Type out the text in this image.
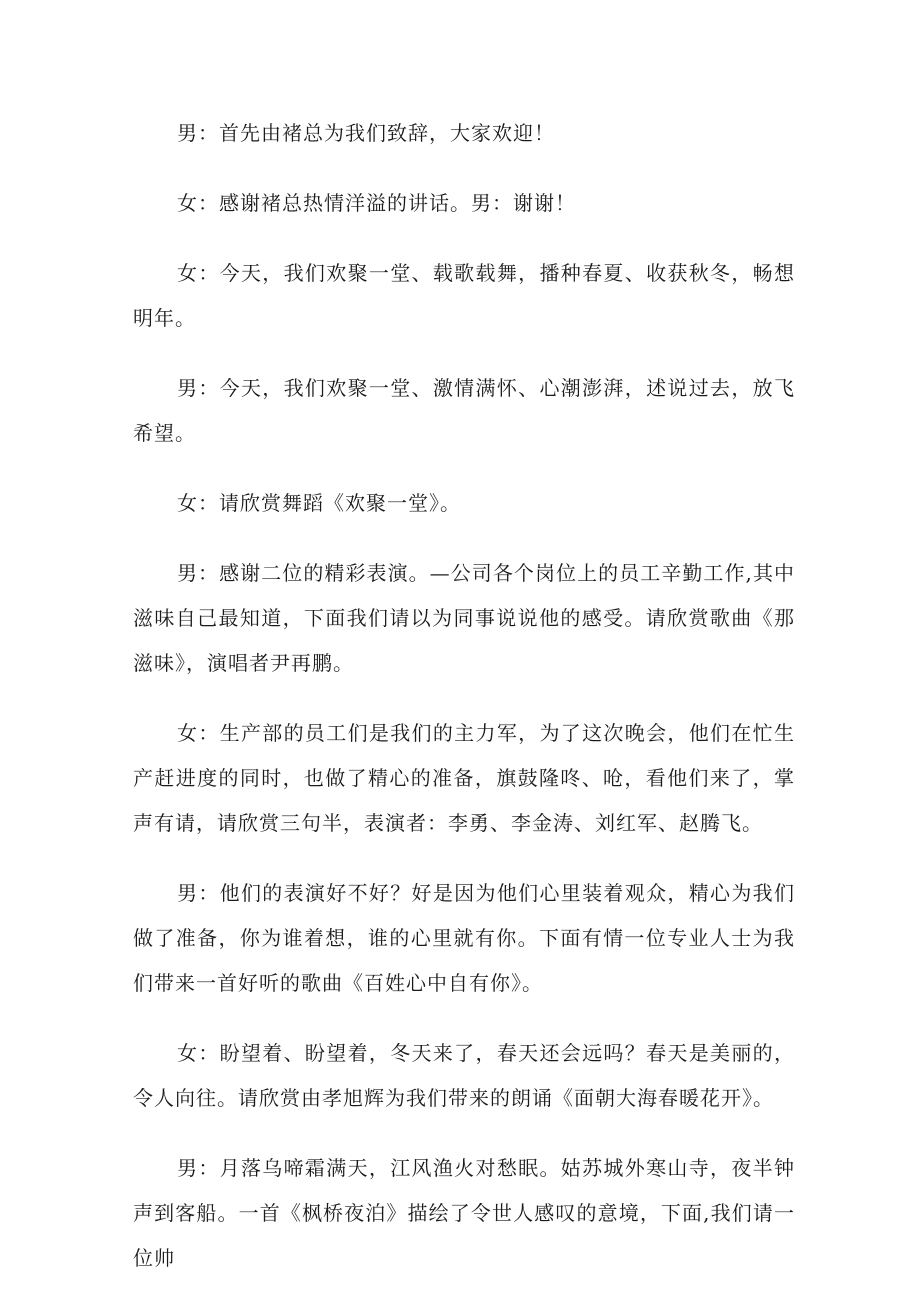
男：首先由褚总为我们致辞，大家欢迎！

女：感谢褚总热情洋溢的讲话。男：谢谢！

女：今天，我们欢聚一堂、载歌载舞，播种春夏、收获秋冬，畅想明年。

男：今天，我们欢聚一堂、激情满怀、心潮澎湃，述说过去，放飞希望。

女：请欣赏舞蹈《欢聚一堂》。

男：感谢二位的精彩表演。—公司各个岗位上的员工辛勤工作,其中滋味自己最知道，下面我们请以为同事说说他的感受。请欣赏歌曲《那滋味》，演唱者尹再鹏。

女：生产部的员工们是我们的主力军，为了这次晚会，他们在忙生产赶进度的同时，也做了精心的准备，旗鼓隆咚、呛，看他们来了，掌声有请，请欣赏三句半，表演者：李勇、李金涛、刘红军、赵腾飞。

男：他们的表演好不好？好是因为他们心里装着观众，精心为我们做了准备，你为谁着想，谁的心里就有你。下面有情一位专业人士为我们带来一首好听的歌曲《百姓心中自有你》。

女：盼望着、盼望着，冬天来了，春天还会远吗？春天是美丽的，令人向往。请欣赏由孝旭辉为我们带来的朗诵《面朝大海春暖花开》。

男：月落乌啼霜满天，江风渔火对愁眠。姑苏城外寒山寺，夜半钟声到客船。一首《枫桥夜泊》描绘了令世人感叹的意境，下面,我们请一位帅
